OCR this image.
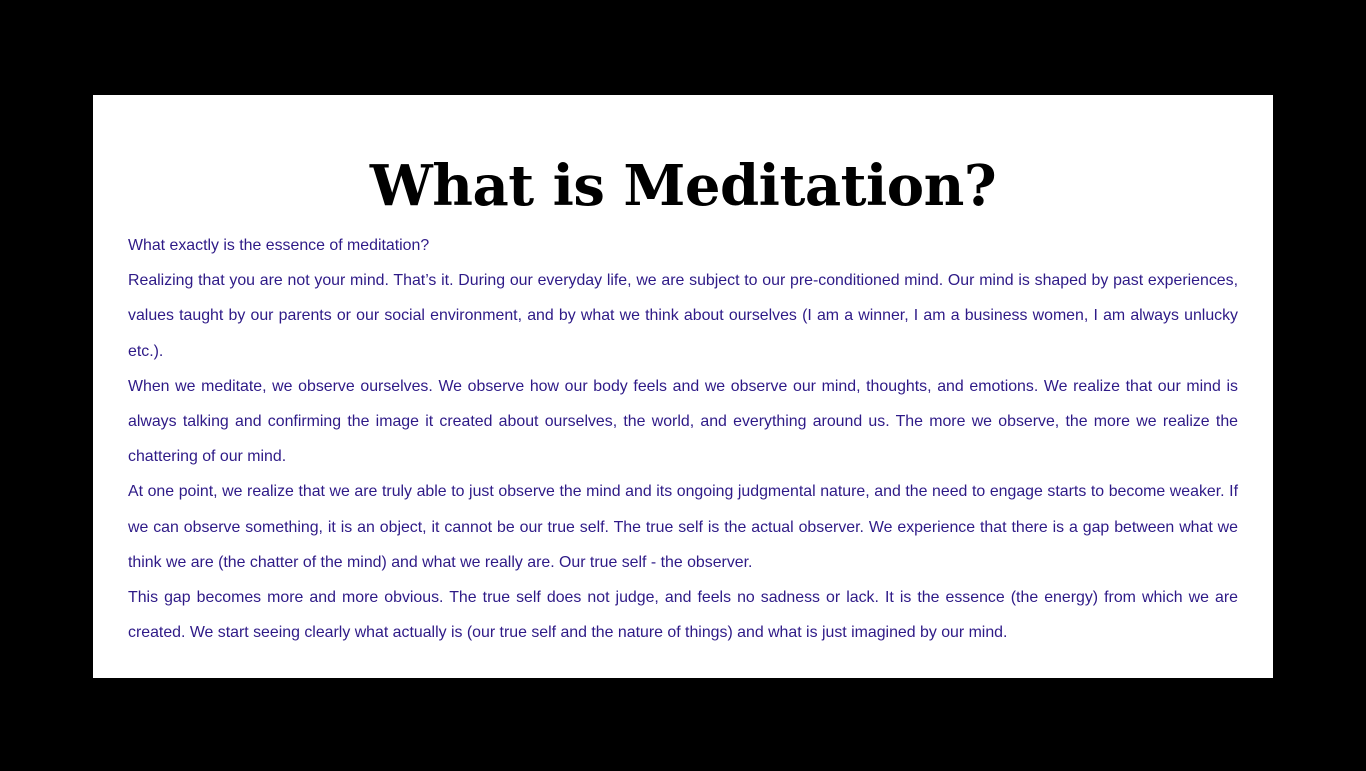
What is Meditation?

What exactly is the essence of meditation?

Realizing that you are not your mind. That’s it. During our everyday life, we are subject to our pre-conditioned mind. Our mind is shaped by past experiences, values taught by our parents or our social environment, and by what we think about ourselves (I am a winner, I am a business women, I am always unlucky etc.).

When we meditate, we observe ourselves. We observe how our body feels and we observe our mind, thoughts, and emotions. We realize that our mind is always talking and confirming the image it created about ourselves, the world, and everything around us. The more we observe, the more we realize the chattering of our mind.

At one point, we realize that we are truly able to just observe the mind and its ongoing judgmental nature, and the need to engage starts to become weaker. If we can observe something, it is an object, it cannot be our true self. The true self is the actual observer. We experience that there is a gap between what we think we are (the chatter of the mind) and what we really are. Our true self - the observer.

This gap becomes more and more obvious. The true self does not judge, and feels no sadness or lack. It is the essence (the energy) from which we are created. We start seeing clearly what actually is (our true self and the nature of things) and what is just imagined by our mind.
